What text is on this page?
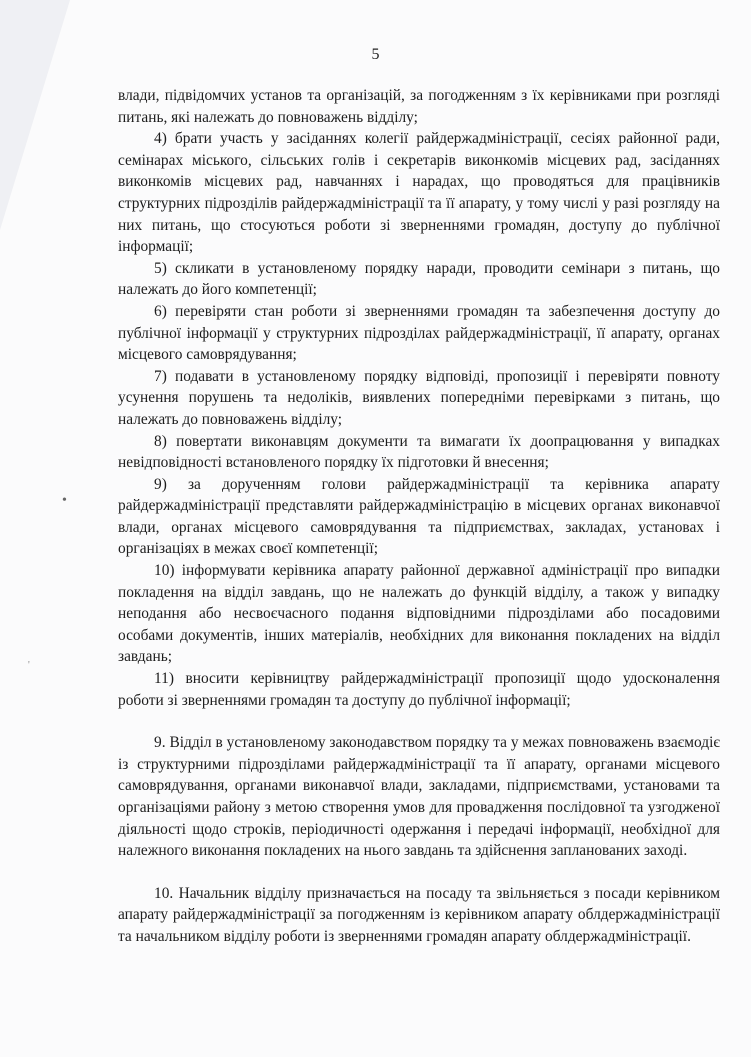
5
•
'

влади, підвідомчих установ та організацій, за погодженням з їх керівниками при розгляді питань, які належать до повноважень відділу;

4) брати участь у засіданнях колегії райдержадміністрації, сесіях районної ради, семінарах міського, сільських голів і секретарів виконкомів місцевих рад, засіданнях виконкомів місцевих рад, навчаннях і нарадах, що проводяться для працівників структурних підрозділів райдержадміністрації та її апарату, у тому числі у разі розгляду на них питань, що стосуються роботи зі зверненнями громадян, доступу до публічної інформації;

5) скликати в установленому порядку наради, проводити семінари з питань, що належать до його компетенції;

6) перевіряти стан роботи зі зверненнями громадян та забезпечення доступу до публічної інформації у структурних підрозділах райдержадміністрації, її апарату, органах місцевого самоврядування;

7) подавати в установленому порядку відповіді, пропозиції і перевіряти повноту усунення порушень та недоліків, виявлених попередніми перевірками з питань, що належать до повноважень відділу;

8) повертати виконавцям документи та вимагати їх доопрацювання у випадках невідповідності встановленого порядку їх підготовки й внесення;

9) за дорученням голови райдержадміністрації та керівника апарату райдержадміністрації представляти райдержадміністрацію в місцевих органах виконавчої влади, органах місцевого самоврядування та підприємствах, закладах, установах і організаціях в межах своєї компетенції;

10) інформувати керівника апарату районної державної адміністрації про випадки покладення на відділ завдань, що не належать до функцій відділу, а також у випадку неподання або несвоєчасного подання відповідними підрозділами або посадовими особами документів, інших матеріалів, необхідних для виконання покладених на відділ завдань;

11) вносити керівництву райдержадміністрації пропозиції щодо удосконалення роботи зі зверненнями громадян та доступу до публічної інформації;

9. Відділ в установленому законодавством порядку та у межах повноважень взаємодіє із структурними підрозділами райдержадміністрації та її апарату, органами місцевого самоврядування, органами виконавчої влади, закладами, підприємствами, установами та організаціями району з метою створення умов для провадження послідовної та узгодженої діяльності щодо строків, періодичності одержання і передачі інформації, необхідної для належного виконання покладених на нього завдань та здійснення запланованих заході.

10. Начальник відділу призначається на посаду та звільняється з посади керівником апарату райдержадміністрації за погодженням із керівником апарату облдержадміністрації та начальником відділу роботи із зверненнями громадян апарату облдержадміністрації.
